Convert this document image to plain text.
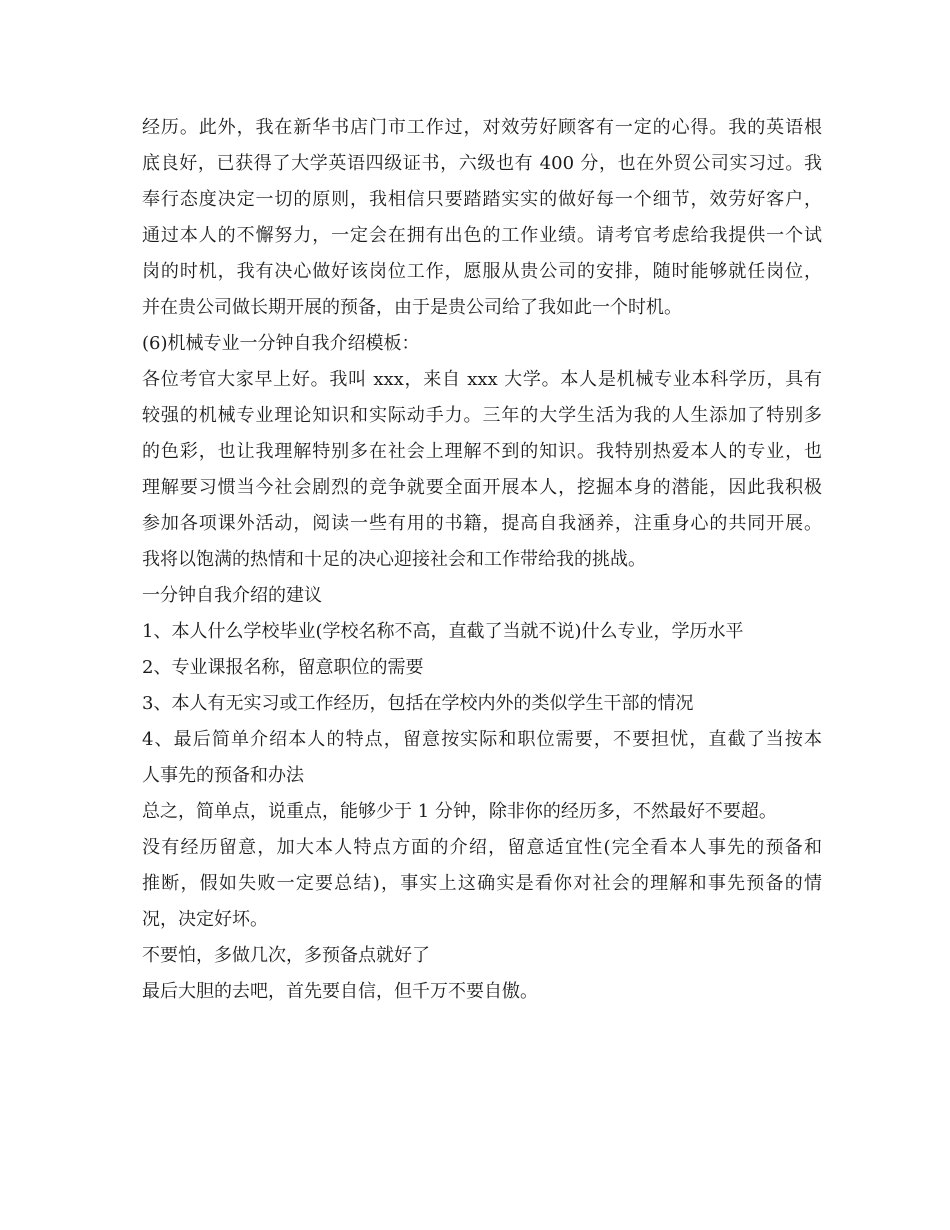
经历。此外，我在新华书店门市工作过，对效劳好顾客有一定的心得。我的英语根
底良好，已获得了大学英语四级证书，六级也有 400 分，也在外贸公司实习过。我
奉行态度决定一切的原则，我相信只要踏踏实实的做好每一个细节，效劳好客户，
通过本人的不懈努力，一定会在拥有出色的工作业绩。请考官考虑给我提供一个试
岗的时机，我有决心做好该岗位工作，愿服从贵公司的安排，随时能够就任岗位，
并在贵公司做长期开展的预备，由于是贵公司给了我如此一个时机。
(6)机械专业一分钟自我介绍模板：
各位考官大家早上好。我叫 xxx，来自 xxx 大学。本人是机械专业本科学历，具有
较强的机械专业理论知识和实际动手力。三年的大学生活为我的人生添加了特别多
的色彩，也让我理解特别多在社会上理解不到的知识。我特别热爱本人的专业，也
理解要习惯当今社会剧烈的竞争就要全面开展本人，挖掘本身的潜能，因此我积极
参加各项课外活动，阅读一些有用的书籍，提高自我涵养，注重身心的共同开展。
我将以饱满的热情和十足的决心迎接社会和工作带给我的挑战。
一分钟自我介绍的建议
1、本人什么学校毕业(学校名称不高，直截了当就不说)什么专业，学历水平
2、专业课报名称，留意职位的需要
3、本人有无实习或工作经历，包括在学校内外的类似学生干部的情况
4、最后简单介绍本人的特点，留意按实际和职位需要，不要担忧，直截了当按本
人事先的预备和办法
总之，简单点，说重点，能够少于 1 分钟，除非你的经历多，不然最好不要超。
没有经历留意，加大本人特点方面的介绍，留意适宜性(完全看本人事先的预备和
推断，假如失败一定要总结)，事实上这确实是看你对社会的理解和事先预备的情
况，决定好坏。
不要怕，多做几次，多预备点就好了
最后大胆的去吧，首先要自信，但千万不要自傲。
